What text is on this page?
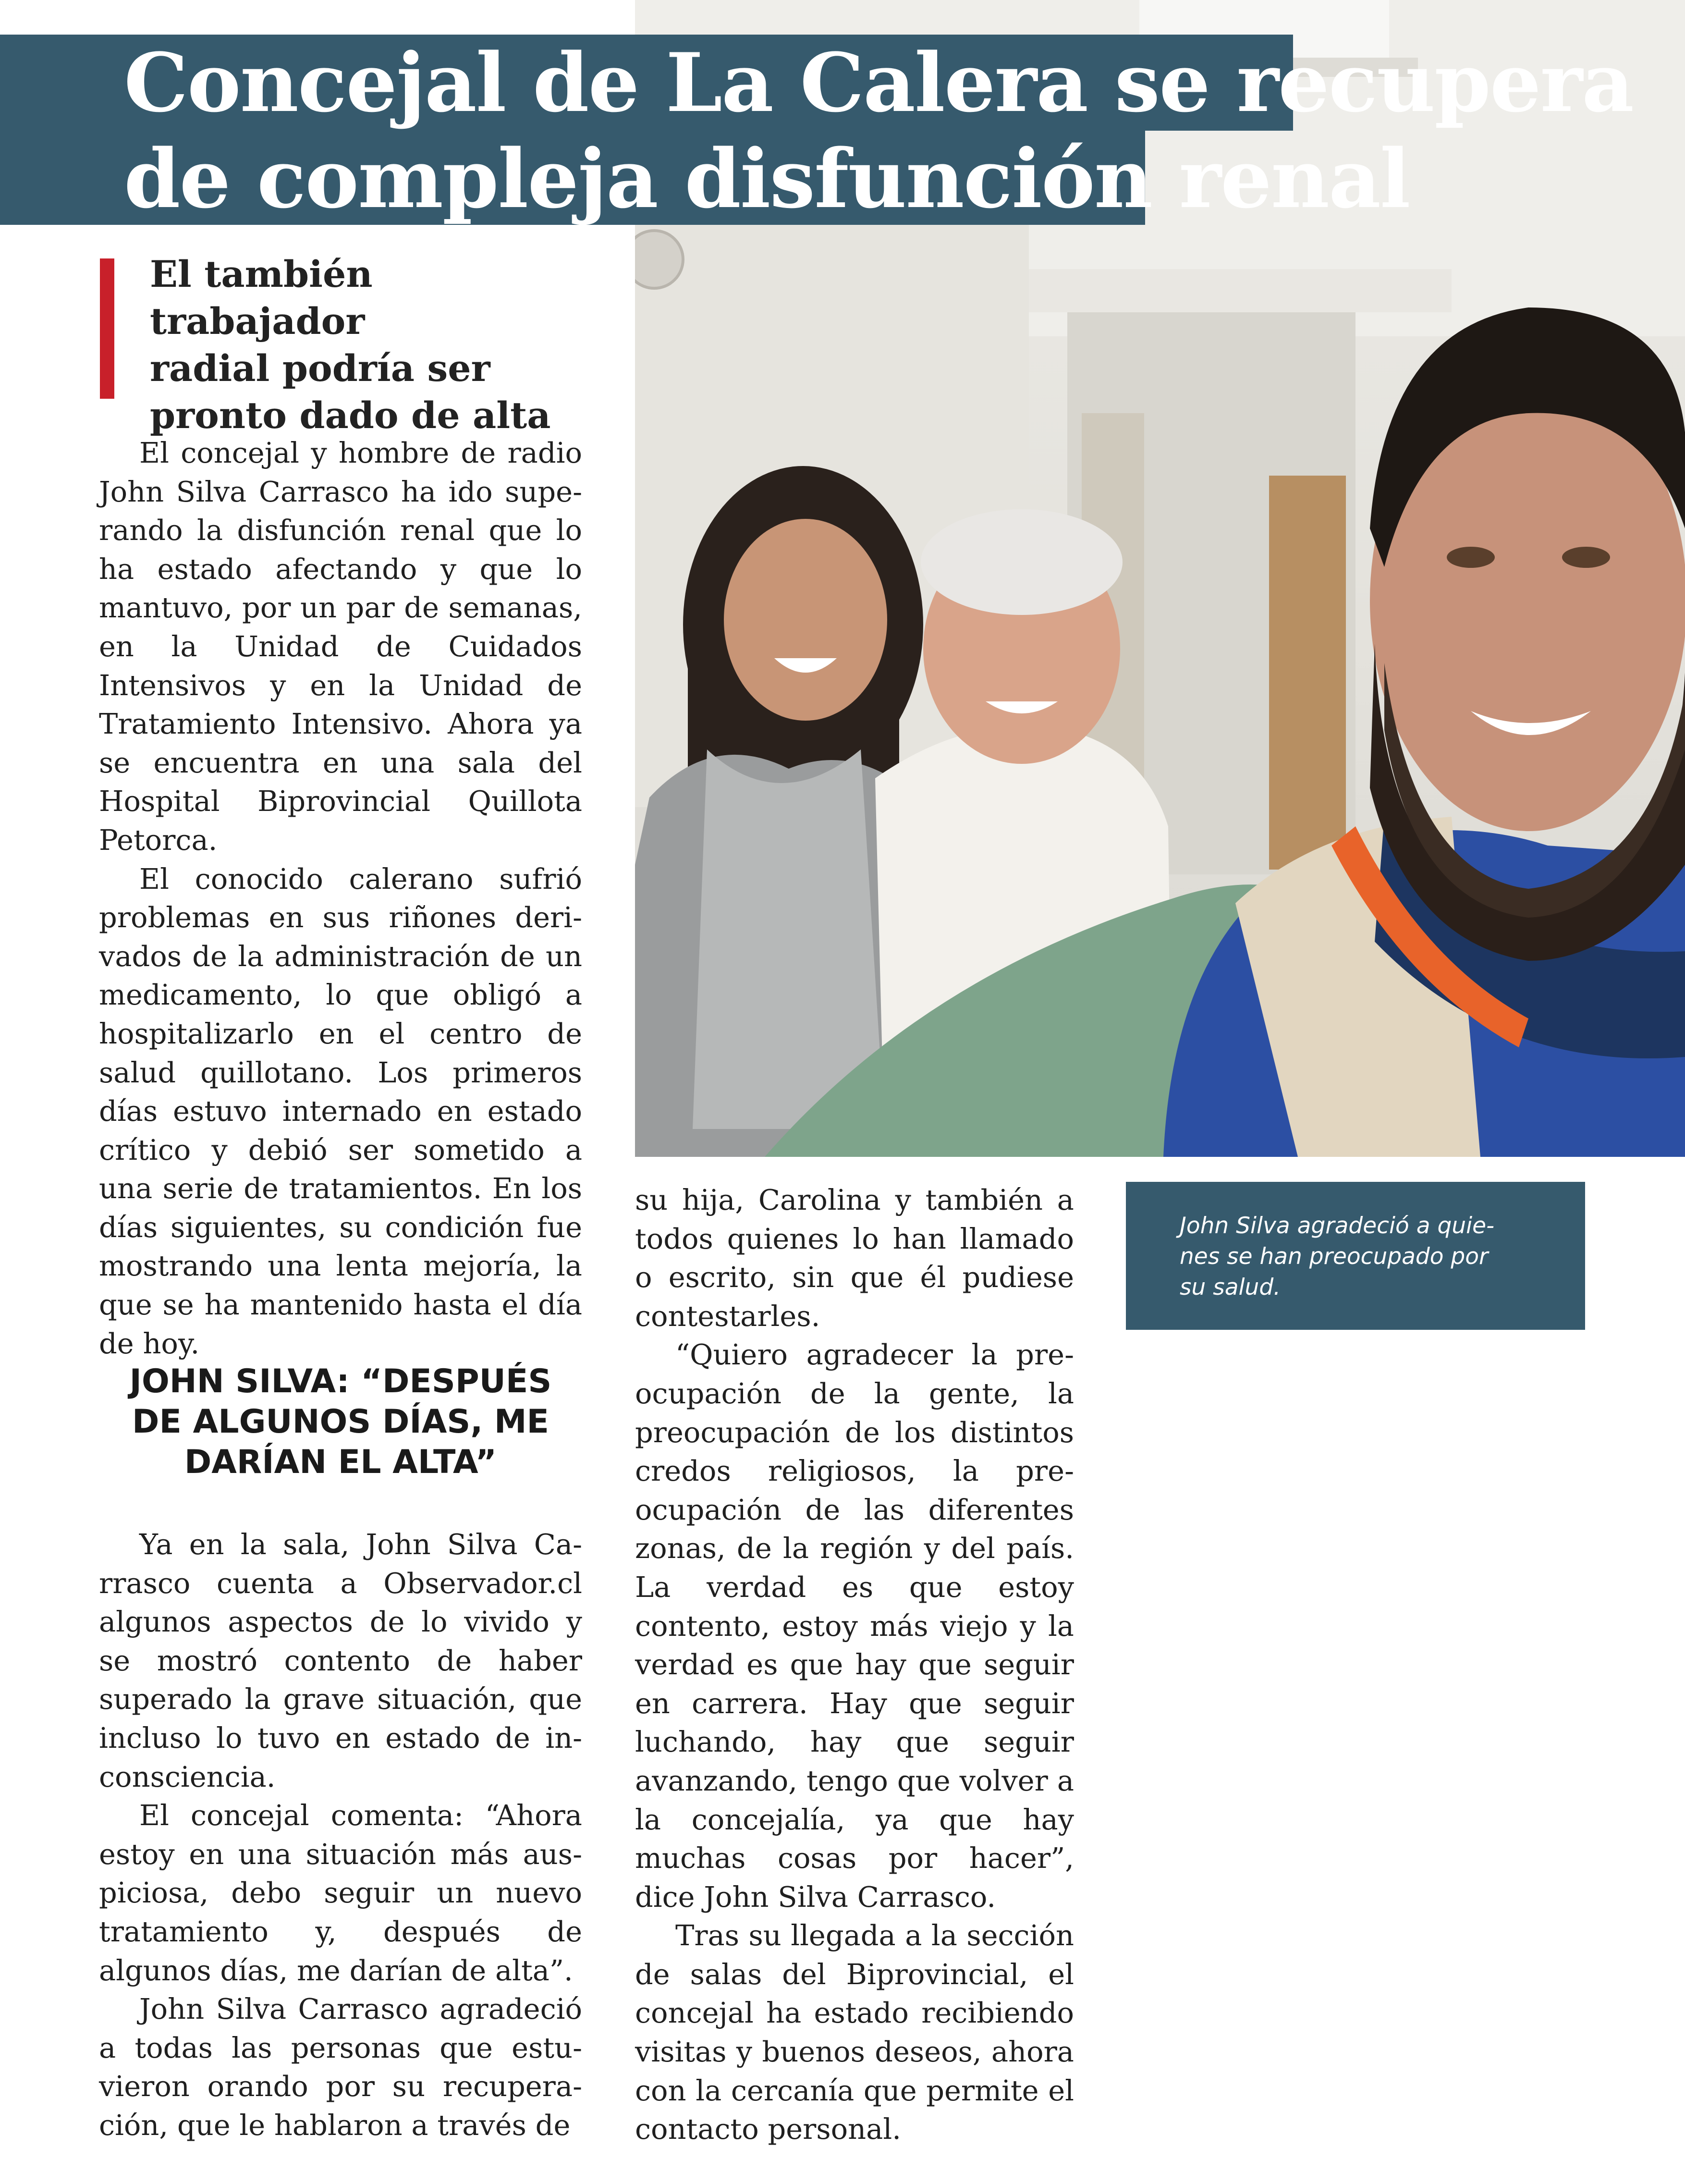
Concejal de La Calera se recupera
de compleja disfunción renal
El también trabajador
radial podría ser
pronto dado de alta

El concejal y hombre de radio John Silva Carrasco ha ido superando la disfunción renal que lo ha estado afectando y que lo mantuvo, por un par de semanas, en la Unidad de Cuidados Intensivos y en la Unidad de Tratamiento Intensivo. Ahora ya se encuentra en una sala del Hospital Biprovincial Quillota Petorca.

El conocido calerano sufrió problemas en sus riñones derivados de la administración de un medicamento, lo que obligó a hospitalizarlo en el centro de salud quillotano. Los primeros días estuvo internado en estado crítico y debió ser sometido a una serie de tratamientos. En los días siguientes, su condición fue mostrando una lenta mejoría, la que se ha mantenido hasta el día de hoy.

JOHN SILVA: “DESPUÉS
DE ALGUNOS DÍAS, ME
DARÍAN EL ALTA”

Ya en la sala, John Silva Carrasco cuenta a Observador.cl algunos aspectos de lo vivido y se mostró contento de haber superado la grave situación, que incluso lo tuvo en estado de inconsciencia.

El concejal comenta: “Ahora estoy en una situación más auspiciosa, debo seguir un nuevo tratamiento y, después de algunos días, me darían de alta”.

John Silva Carrasco agradeció a todas las personas que estuvieron orando por su recuperación, que le hablaron a través de

su hija, Carolina y también a todos quienes lo han llamado o escrito, sin que él pudiese contestarles.

“Quiero agradecer la preocupación de la gente, la preocupación de los distintos credos religiosos, la preocupación de las diferentes zonas, de la región y del país. La verdad es que estoy contento, estoy más viejo y la verdad es que hay que seguir en carrera. Hay que seguir luchando, hay que seguir avanzando, tengo que volver a la concejalía, ya que hay muchas cosas por hacer”, dice John Silva Carrasco.

Tras su llegada a la sección de salas del Biprovincial, el concejal ha estado recibiendo visitas y buenos deseos, ahora con la cercanía que permite el contacto personal.

John Silva agradeció a quie-
nes se han preocupado por
su salud.
